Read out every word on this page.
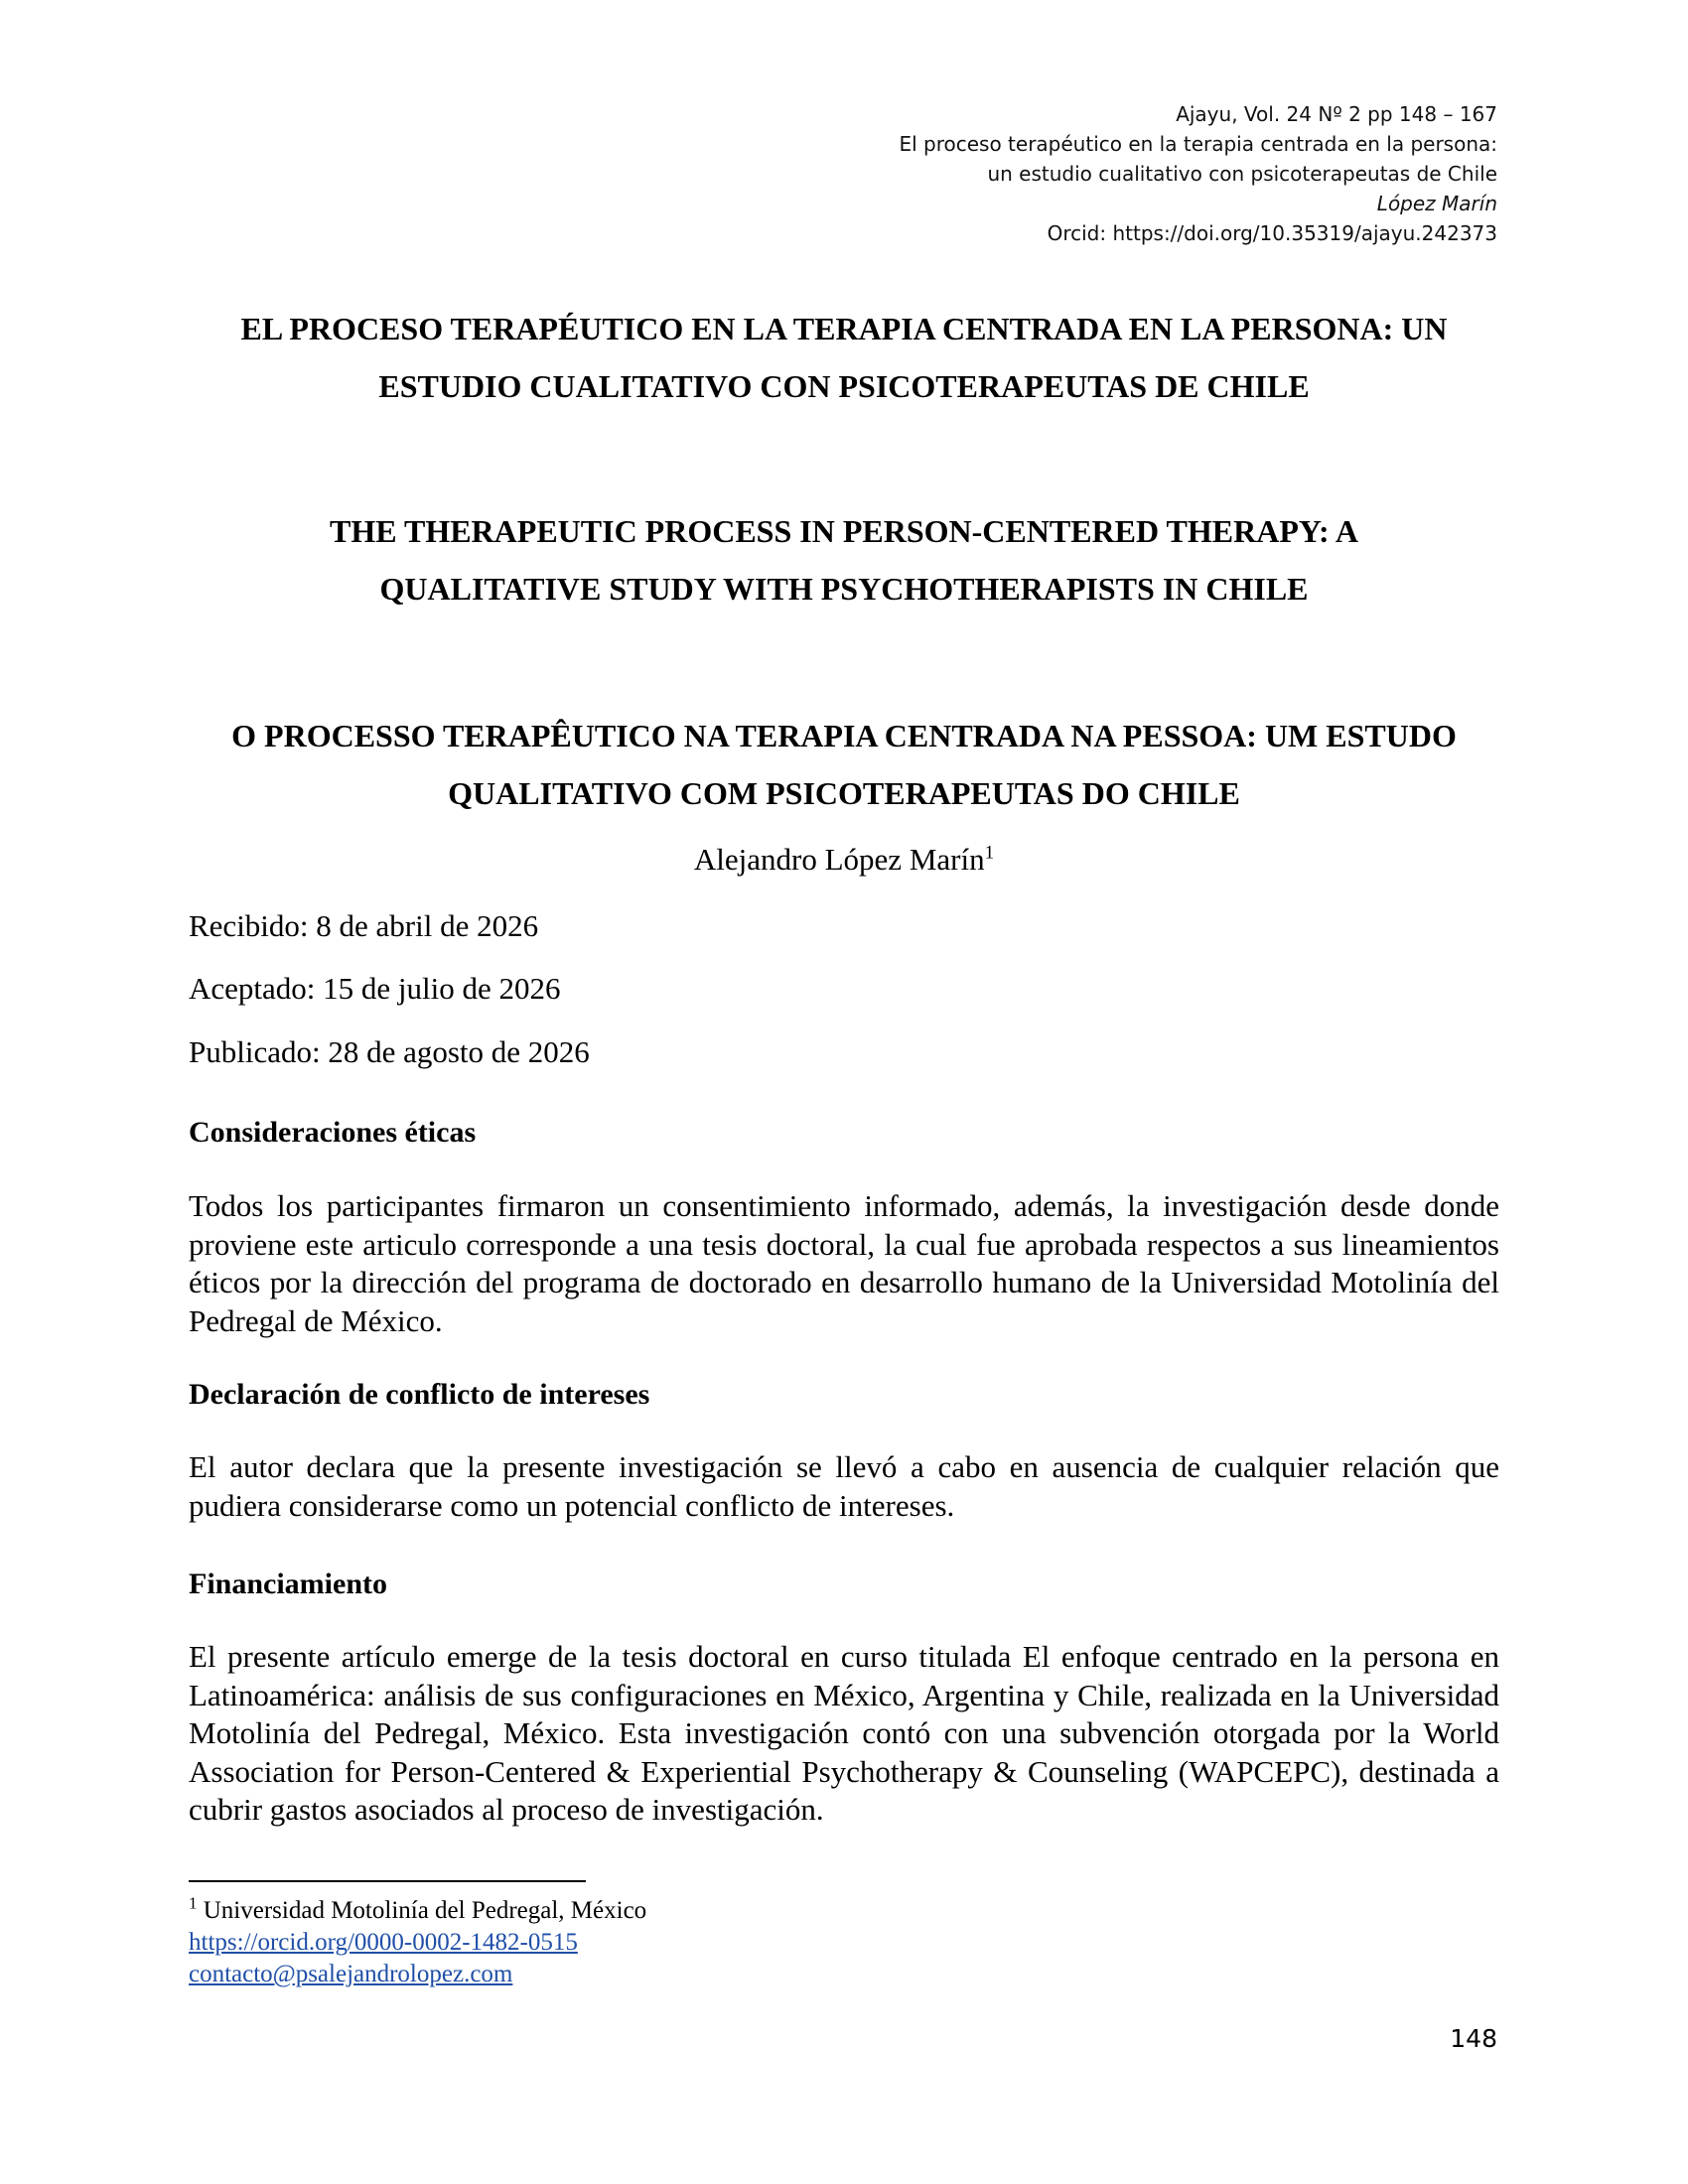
Ajayu, Vol. 24 Nº 2 pp 148 – 167
El proceso terapéutico en la terapia centrada en la persona:
un estudio cualitativo con psicoterapeutas de Chile
López Marín
Orcid: https://doi.org/10.35319/ajayu.242373
EL PROCESO TERAPÉUTICO EN LA TERAPIA CENTRADA EN LA PERSONA: UN
ESTUDIO CUALITATIVO CON PSICOTERAPEUTAS DE CHILE
THE THERAPEUTIC PROCESS IN PERSON-CENTERED THERAPY: A
QUALITATIVE STUDY WITH PSYCHOTHERAPISTS IN CHILE
O PROCESSO TERAPÊUTICO NA TERAPIA CENTRADA NA PESSOA: UM ESTUDO
QUALITATIVO COM PSICOTERAPEUTAS DO CHILE
Alejandro López Marín$^1$
Recibido: 8 de abril de 2026
Aceptado: 15 de julio de 2026
Publicado: 28 de agosto de 2026
Consideraciones éticas
Todos los participantes firmaron un consentimiento informado, además, la investigación desde donde proviene este articulo corresponde a una tesis doctoral, la cual fue aprobada respectos a sus lineamientos éticos por la dirección del programa de doctorado en desarrollo humano de la Universidad Motolinía del Pedregal de México.
Declaración de conflicto de intereses
El autor declara que la presente investigación se llevó a cabo en ausencia de cualquier relación que pudiera considerarse como un potencial conflicto de intereses.
Financiamiento
El presente artículo emerge de la tesis doctoral en curso titulada El enfoque centrado en la persona en Latinoamérica: análisis de sus configuraciones en México, Argentina y Chile, realizada en la Universidad Motolinía del Pedregal, México. Esta investigación contó con una subvención otorgada por la World Association for Person-Centered & Experiential Psychotherapy & Counseling (WAPCEPC), destinada a cubrir gastos asociados al proceso de investigación.
$^1$ Universidad Motolinía del Pedregal, México
https://orcid.org/0000-0002-1482-0515
contacto@psalejandrolopez.com
148
